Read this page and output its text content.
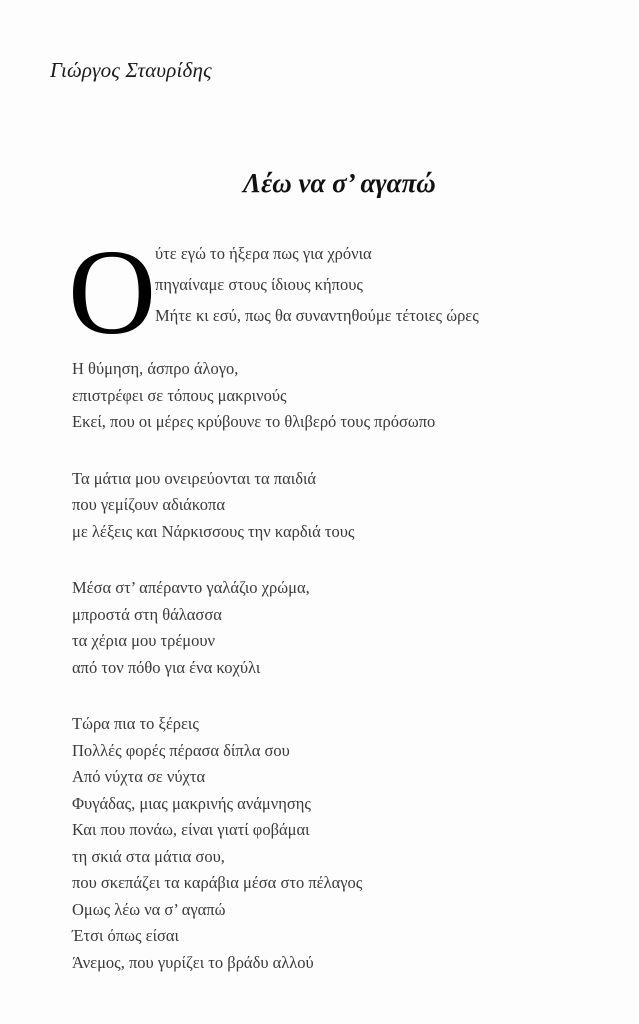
Γιώργος Σταυρίδης
Λέω να σ’ αγαπώ
Ο
ύτε εγώ το ήξερα πως για χρόνια
πηγαίναμε στους ίδιους κήπους
Μήτε κι εσύ, πως θα συναντηθούμε τέτοιες ώρες
Η θύμηση, άσπρο άλογο,
επιστρέφει σε τόπους μακρινούς
Εκεί, που οι μέρες κρύβουνε το θλιβερό τους πρόσωπο
Τα μάτια μου ονειρεύονται τα παιδιά
που γεμίζουν αδιάκοπα
με λέξεις και Νάρκισσους την καρδιά τους
Μέσα στ’ απέραντο γαλάζιο χρώμα,
μπροστά στη θάλασσα
τα χέρια μου τρέμουν
από τον πόθο για ένα κοχύλι
Τώρα πια το ξέρεις
Πολλές φορές πέρασα δίπλα σου
Από νύχτα σε νύχτα
Φυγάδας, μιας μακρινής ανάμνησης
Και που πονάω, είναι γιατί φοβάμαι
τη σκιά στα μάτια σου,
που σκεπάζει τα καράβια μέσα στο πέλαγος
Ομως λέω να σ’ αγαπώ
Έτσι όπως είσαι
Άνεμος, που γυρίζει το βράδυ αλλού
